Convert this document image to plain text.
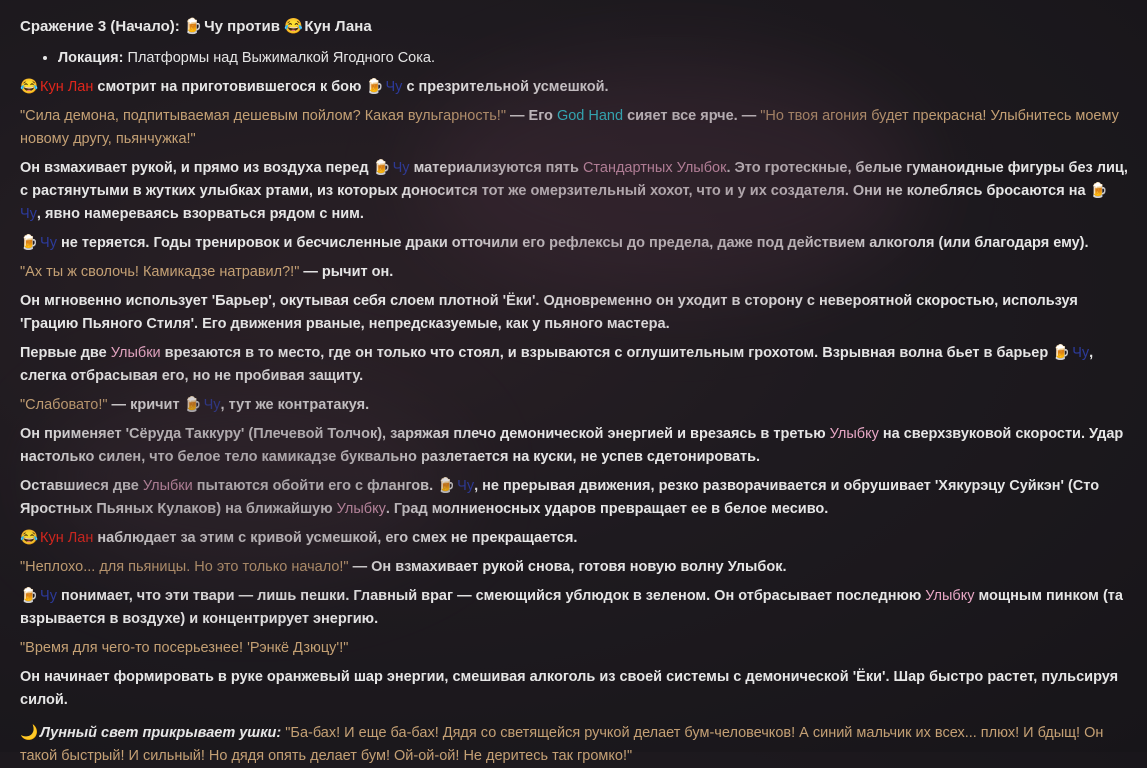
Сражение 3 (Начало): 🍺 Чу против 😂 Кун Лана
• Локация: Платформы над Выжималкой Ягодного Сока.

😂 Кун Лан смотрит на приготовившегося к бою 🍺 Чу с презрительной усмешкой.

"Сила демона, подпитываемая дешевым пойлом? Какая вульгарность!" — Его God Hand сияет все ярче. — "Но твоя агония будет прекрасна! Улыбнитесь моему новому другу, пьянчужка!"

Он взмахивает рукой, и прямо из воздуха перед 🍺 Чу материализуются пять Стандартных Улыбок. Это гротескные, белые гуманоидные фигуры без лиц, с растянутыми в жутких улыбках ртами, из которых доносится тот же омерзительный хохот, что и у их создателя. Они не колеблясь бросаются на 🍺 Чу, явно намереваясь взорваться рядом с ним.

🍺 Чу не теряется. Годы тренировок и бесчисленные драки отточили его рефлексы до предела, даже под действием алкоголя (или благодаря ему).

"Ах ты ж сволочь! Камикадзе натравил?!" — рычит он.

Он мгновенно использует 'Барьер', окутывая себя слоем плотной 'Ёки'. Одновременно он уходит в сторону с невероятной скоростью, используя 'Грацию Пьяного Стиля'. Его движения рваные, непредсказуемые, как у пьяного мастера.

Первые две Улыбки врезаются в то место, где он только что стоял, и взрываются с оглушительным грохотом. Взрывная волна бьет в барьер 🍺 Чу, слегка отбрасывая его, но не пробивая защиту.

"Слабовато!" — кричит 🍺 Чу, тут же контратакуя.

Он применяет 'Сёруда Таккуру' (Плечевой Толчок), заряжая плечо демонической энергией и врезаясь в третью Улыбку на сверхзвуковой скорости. Удар настолько силен, что белое тело камикадзе буквально разлетается на куски, не успев сдетонировать.

Оставшиеся две Улыбки пытаются обойти его с флангов. 🍺 Чу, не прерывая движения, резко разворачивается и обрушивает 'Хякурэцу Суйкэн' (Сто Яростных Пьяных Кулаков) на ближайшую Улыбку. Град молниеносных ударов превращает ее в белое месиво.

😂 Кун Лан наблюдает за этим с кривой усмешкой, его смех не прекращается.

"Неплохо... для пьяницы. Но это только начало!" — Он взмахивает рукой снова, готовя новую волну Улыбок.

🍺 Чу понимает, что эти твари — лишь пешки. Главный враг — смеющийся ублюдок в зеленом. Он отбрасывает последнюю Улыбку мощным пинком (та взрывается в воздухе) и концентрирует энергию.

"Время для чего-то посерьезнее! 'Рэнкё Дзюцу'!"

Он начинает формировать в руке оранжевый шар энергии, смешивая алкоголь из своей системы с демонической 'Ёки'. Шар быстро растет, пульсируя силой.

🌙 Лунный свет прикрывает ушки: "Ба-бах! И еще ба-бах! Дядя со светящейся ручкой делает бум-человечков! А синий мальчик их всех... плюх! И бдыщ! Он такой быстрый! И сильный! Но дядя опять делает бум! Ой-ой-ой! Не деритесь так громко!"
